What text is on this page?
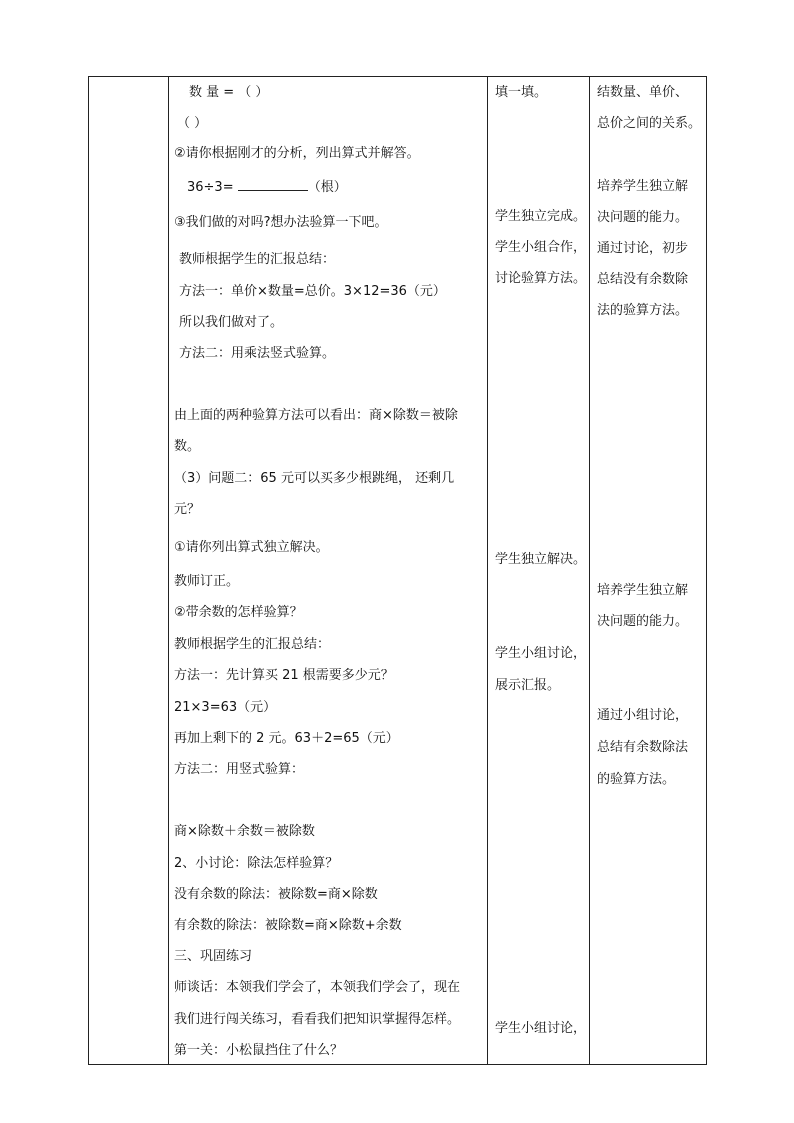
数 量 = （ ）
（ ）
②请你根据刚才的分析，列出算式并解答。
36÷3=	（根）
③我们做的对吗?想办法验算一下吧。
教师根据学生的汇报总结：
方法一：单价×数量=总价。3×12=36（元）
所以我们做对了。
方法二：用乘法竖式验算。
由上面的两种验算方法可以看出：商×除数＝被除
数。
（3）问题二：65 元可以买多少根跳绳， 还剩几
元？
①请你列出算式独立解决。
教师订正。
②带余数的怎样验算？
教师根据学生的汇报总结：
方法一：先计算买 21 根需要多少元？
21×3=63（元）
再加上剩下的 2 元。63＋2=65（元）
方法二：用竖式验算：
商×除数＋余数＝被除数
2、小讨论：除法怎样验算？
没有余数的除法：被除数=商×除数
有余数的除法：被除数=商×除数+余数
三、巩固练习
师谈话：本领我们学会了，本领我们学会了，现在
我们进行闯关练习，看看我们把知识掌握得怎样。
第一关：小松鼠挡住了什么？
填一填。
学生独立完成。
学生小组合作，
讨论验算方法。
学生独立解决。
学生小组讨论，
展示汇报。
学生小组讨论，
结数量、单价、
总价之间的关系。
培养学生独立解
决问题的能力。
通过讨论，初步
总结没有余数除
法的验算方法。
培养学生独立解
决问题的能力。
通过小组讨论，
总结有余数除法
的验算方法。
